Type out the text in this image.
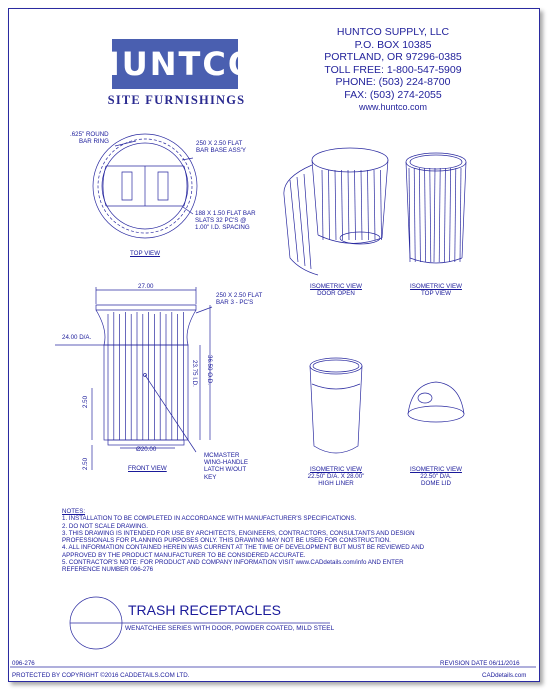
HUNTCO
SITE FURNISHINGS
HUNTCO SUPPLY, LLC
P.O. BOX 10385
PORTLAND, OR 97296-0385
TOLL FREE: 1-800-547-5909
PHONE: (503) 224-8700
FAX: (503) 274-2055
www.huntco.com
.625" ROUND
BAR RING	250 X 2.50 FLAT
BAR BASE ASS'Y
188 X 1.50 FLAT BAR
SLATS 32 PC'S @
1.00" I.D. SPACING
TOP VIEW
ISOMETRIC VIEW
DOOR OPEN
ISOMETRIC VIEW
TOP VIEW
27.00
24.00 D/A.
250 X 2.50 FLAT
BAR 3 - PC'S
36.50 O.D.
23.75 I.D.
2.50
2.50
Ø20.00
FRONT VIEW
MCMASTER
WING-HANDLE
LATCH W/OUT
KEY
ISOMETRIC VIEW
22.50" D/A. X 28.00"
HIGH LINER
ISOMETRIC VIEW
22.50" D/A.
DOME LID
NOTES:
1. INSTALLATION TO BE COMPLETED IN ACCORDANCE WITH MANUFACTURER'S SPECIFICATIONS.
2. DO NOT SCALE DRAWING.
3. THIS DRAWING IS INTENDED FOR USE BY ARCHITECTS, ENGINEERS, CONTRACTORS, CONSULTANTS AND DESIGN
PROFESSIONALS FOR PLANNING PURPOSES ONLY. THIS DRAWING MAY NOT BE USED FOR CONSTRUCTION.
4. ALL INFORMATION CONTAINED HEREIN WAS CURRENT AT THE TIME OF DEVELOPMENT BUT MUST BE REVIEWED AND
APPROVED BY THE PRODUCT MANUFACTURER TO BE CONSIDERED ACCURATE.
5. CONTRACTOR'S NOTE: FOR PRODUCT AND COMPANY INFORMATION VISIT www.CADdetails.com/info AND ENTER
REFERENCE NUMBER 096-276
TRASH RECEPTACLES
WENATCHEE SERIES WITH DOOR, POWDER COATED, MILD STEEL
096-276	REVISION DATE 06/11/2016
PROTECTED BY COPYRIGHT ©2016 CADDETAILS.COM LTD.	CADdetails.com
